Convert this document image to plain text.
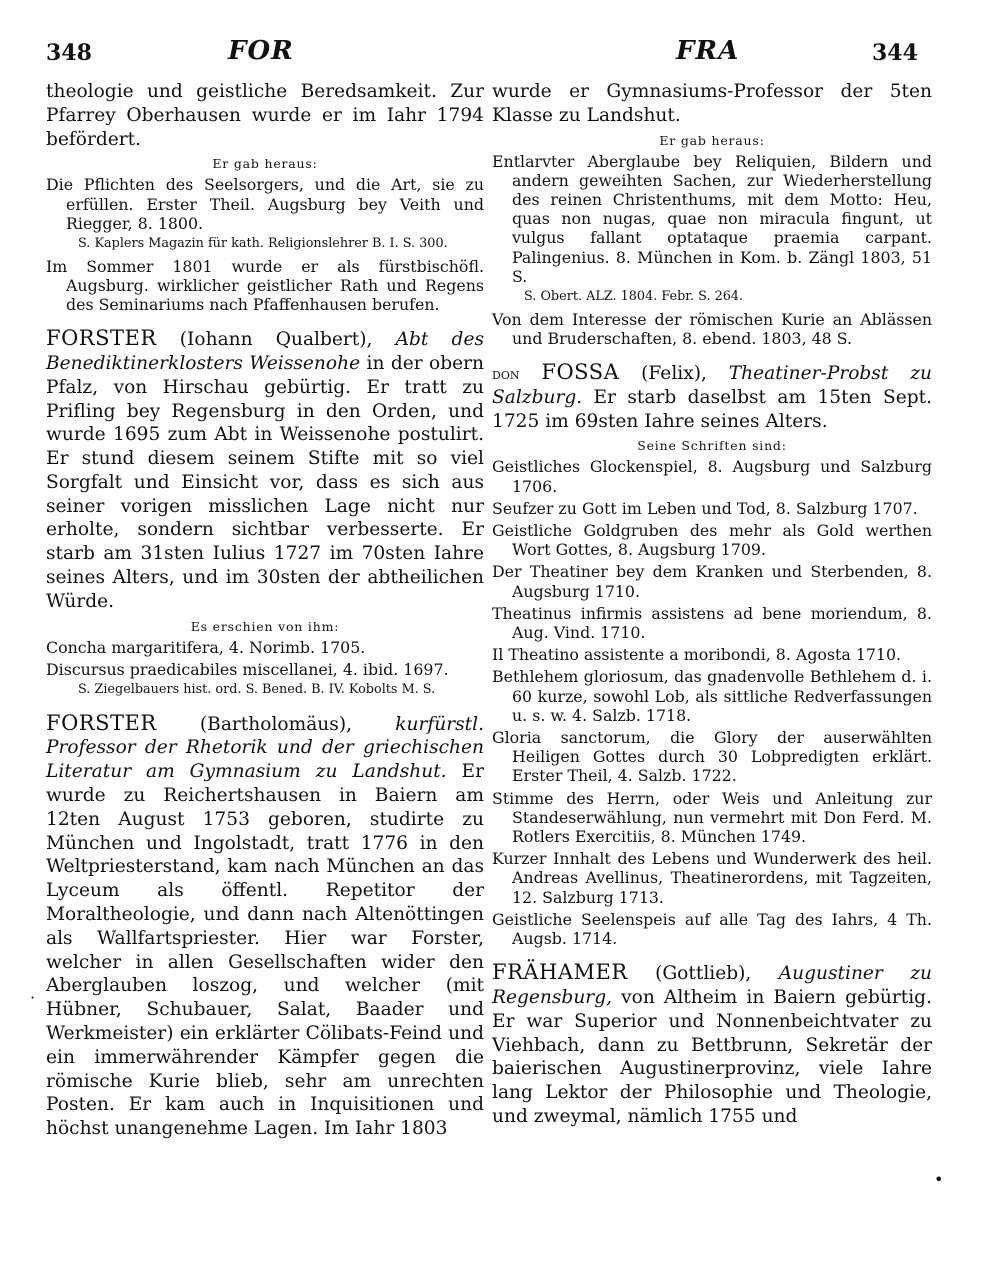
348	FOR	FRA	344

theologie und geistliche Beredsamkeit. Zur Pfarrey Oberhausen wurde er im Iahr 1794 befördert.

Er gab heraus:

Die Pflichten des Seelsorgers, und die Art, sie zu erfüllen. Erster Theil. Augsburg bey Veith und Riegger, 8. 1800.

S. Kaplers Magazin für kath. Religionslehrer B. I. S. 300.

Im Sommer 1801 wurde er als fürstbischöfl. Augsburg. wirklicher geistlicher Rath und Regens des Seminariums nach Pfaffenhausen berufen.

FORSTER (Iohann Qualbert), Abt des Benediktinerklosters Weissenohe in der obern Pfalz, von Hirschau gebürtig. Er tratt zu Prifling bey Regensburg in den Orden, und wurde 1695 zum Abt in Weissenohe postulirt. Er stund diesem seinem Stifte mit so viel Sorgfalt und Einsicht vor, dass es sich aus seiner vorigen misslichen Lage nicht nur erholte, sondern sichtbar verbesserte. Er starb am 31sten Iulius 1727 im 70sten Iahre seines Alters, und im 30sten der abtheilichen Würde.

Es erschien von ihm:

Concha margaritifera, 4. Norimb. 1705.

Discursus praedicabiles miscellanei, 4. ibid. 1697.

S. Ziegelbauers hist. ord. S. Bened. B. IV. Kobolts M. S.

FORSTER (Bartholomäus), kurfürstl. Professor der Rhetorik und der griechischen Literatur am Gymnasium zu Landshut. Er wurde zu Reichertshausen in Baiern am 12ten August 1753 geboren, studirte zu München und Ingolstadt, tratt 1776 in den Weltpriesterstand, kam nach München an das Lyceum als öffentl. Repetitor der Moraltheologie, und dann nach Altenöttingen als Wallfartspriester. Hier war Forster, welcher in allen Gesellschaften wider den Aberglauben loszog, und welcher (mit Hübner, Schubauer, Salat, Baader und Werkmeister) ein erklärter Cölibats-Feind und ein immerwährender Kämpfer gegen die römische Kurie blieb, sehr am unrechten Posten. Er kam auch in Inquisitionen und höchst unangenehme Lagen. Im Iahr 1803

wurde er Gymnasiums-Professor der 5ten Klasse zu Landshut.

Er gab heraus:

Entlarvter Aberglaube bey Reliquien, Bildern und andern geweihten Sachen, zur Wiederherstellung des reinen Christenthums, mit dem Motto: Heu, quas non nugas, quae non miracula fingunt, ut vulgus fallant optataque praemia carpant. Palingenius. 8. München in Kom. b. Zängl 1803, 51 S.

S. Obert. ALZ. 1804. Febr. S. 264.

Von dem Interesse der römischen Kurie an Ablässen und Bruderschaften, 8. ebend. 1803, 48 S.

don FOSSA (Felix), Theatiner-Probst zu Salzburg. Er starb daselbst am 15ten Sept. 1725 im 69sten Iahre seines Alters.

Seine Schriften sind:

Geistliches Glockenspiel, 8. Augsburg und Salzburg 1706.

Seufzer zu Gott im Leben und Tod, 8. Salzburg 1707.

Geistliche Goldgruben des mehr als Gold werthen Wort Gottes, 8. Augsburg 1709.

Der Theatiner bey dem Kranken und Sterbenden, 8. Augsburg 1710.

Theatinus infirmis assistens ad bene moriendum, 8. Aug. Vind. 1710.

Il Theatino assistente a moribondi, 8. Agosta 1710.

Bethlehem gloriosum, das gnadenvolle Bethlehem d. i. 60 kurze, sowohl Lob, als sittliche Redverfassungen u. s. w. 4. Salzb. 1718.

Gloria sanctorum, die Glory der auserwählten Heiligen Gottes durch 30 Lobpredigten erklärt. Erster Theil, 4. Salzb. 1722.

Stimme des Herrn, oder Weis und Anleitung zur Standeserwählung, nun vermehrt mit Don Ferd. M. Rotlers Exercitiis, 8. München 1749.

Kurzer Innhalt des Lebens und Wunderwerk des heil. Andreas Avellinus, Theatinerordens, mit Tagzeiten, 12. Salzburg 1713.

Geistliche Seelenspeis auf alle Tag des Iahrs, 4 Th. Augsb. 1714.

FRÄHAMER (Gottlieb), Augustiner zu Regensburg, von Altheim in Baiern gebürtig. Er war Superior und Nonnenbeichtvater zu Viehbach, dann zu Bettbrunn, Sekretär der baierischen Augustinerprovinz, viele Iahre lang Lektor der Philosophie und Theologie, und zweymal, nämlich 1755 und

·
•
